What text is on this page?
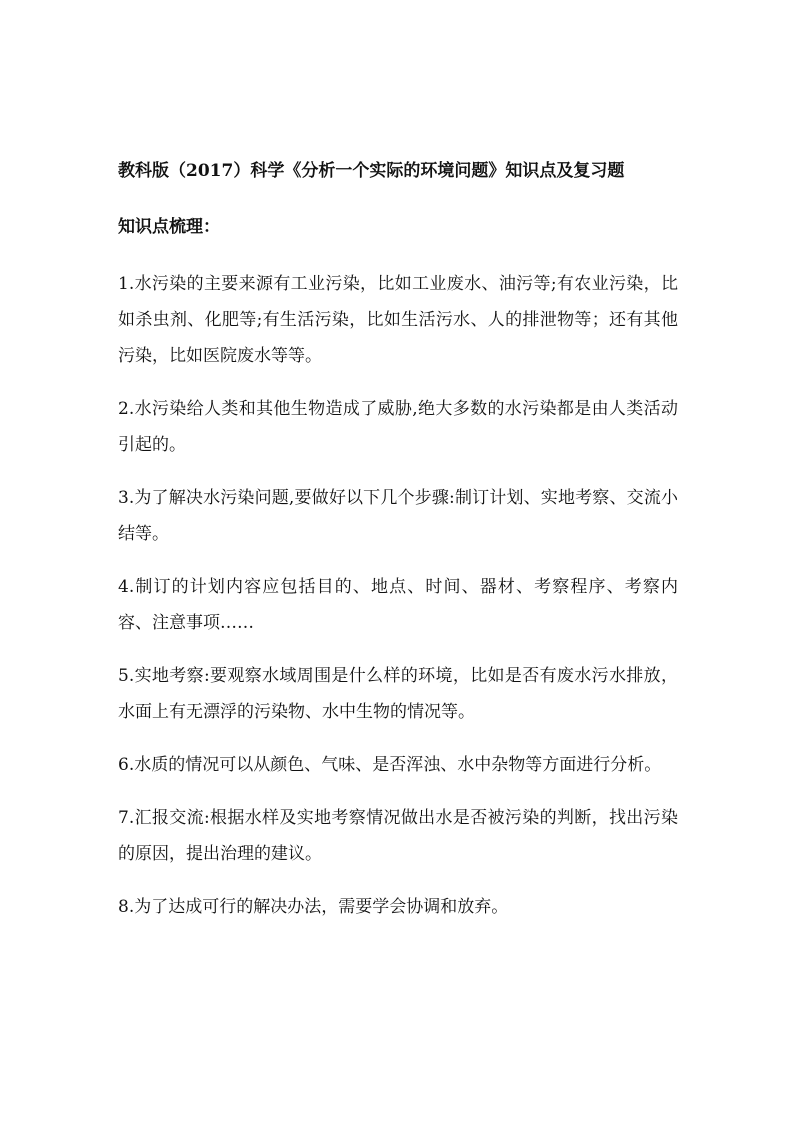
教科版（2017）科学《分析一个实际的环境问题》知识点及复习题
知识点梳理：

1.水污染的主要来源有工业污染，比如工业废水、油污等;有农业污染，比如杀虫剂、化肥等;有生活污染，比如生活污水、人的排泄物等；还有其他污染，比如医院废水等等。

2.水污染给人类和其他生物造成了威胁,绝大多数的水污染都是由人类活动引起的。

3.为了解决水污染问题,要做好以下几个步骤:制订计划、实地考察、交流小结等。

4.制订的计划内容应包括目的、地点、时间、器材、考察程序、考察内容、注意事项……

5.实地考察:要观察水域周围是什么样的环境，比如是否有废水污水排放，水面上有无漂浮的污染物、水中生物的情况等。

6.水质的情况可以从颜色、气味、是否浑浊、水中杂物等方面进行分析。

7.汇报交流:根据水样及实地考察情况做出水是否被污染的判断，找出污染的原因，提出治理的建议。

8.为了达成可行的解决办法，需要学会协调和放弃。
